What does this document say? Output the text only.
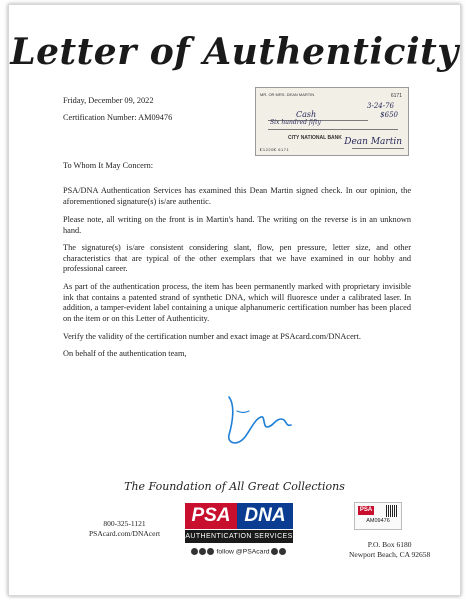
Letter of Authenticity
Friday, December 09, 2022
Certification Number: AM09476
MR. OR MRS. DEAN MARTIN	6171
3-24-76
Cash	$650
Six hundred fifty
CITY NATIONAL BANK Dean Martin
⑆1220⑆ 6171
To Whom It May Concern:

PSA/DNA Authentication Services has examined this Dean Martin signed check. In our opinion, the aforementioned signature(s) is/are authentic.

Please note, all writing on the front is in Martin's hand. The writing on the reverse is in an unknown hand.

The signature(s) is/are consistent considering slant, flow, pen pressure, letter size, and other characteristics that are typical of the other exemplars that we have examined in our hobby and professional career.

As part of the authentication process, the item has been permanently marked with proprietary invisible ink that contains a patented strand of synthetic DNA, which will fluoresce under a calibrated laser. In addition, a tamper-evident label containing a unique alphanumeric certification number has been placed on the item or on this Letter of Authenticity.

Verify the validity of the certification number and exact image at PSAcard.com/DNAcert.

On behalf of the authentication team,

The Foundation of All Great Collections
800-325-1121
PSAcard.com/DNAcert
PSA DNA
AUTHENTICATION SERVICES
follow @PSAcard
PSA
AM09476
P.O. Box 6180
Newport Beach, CA 92658
